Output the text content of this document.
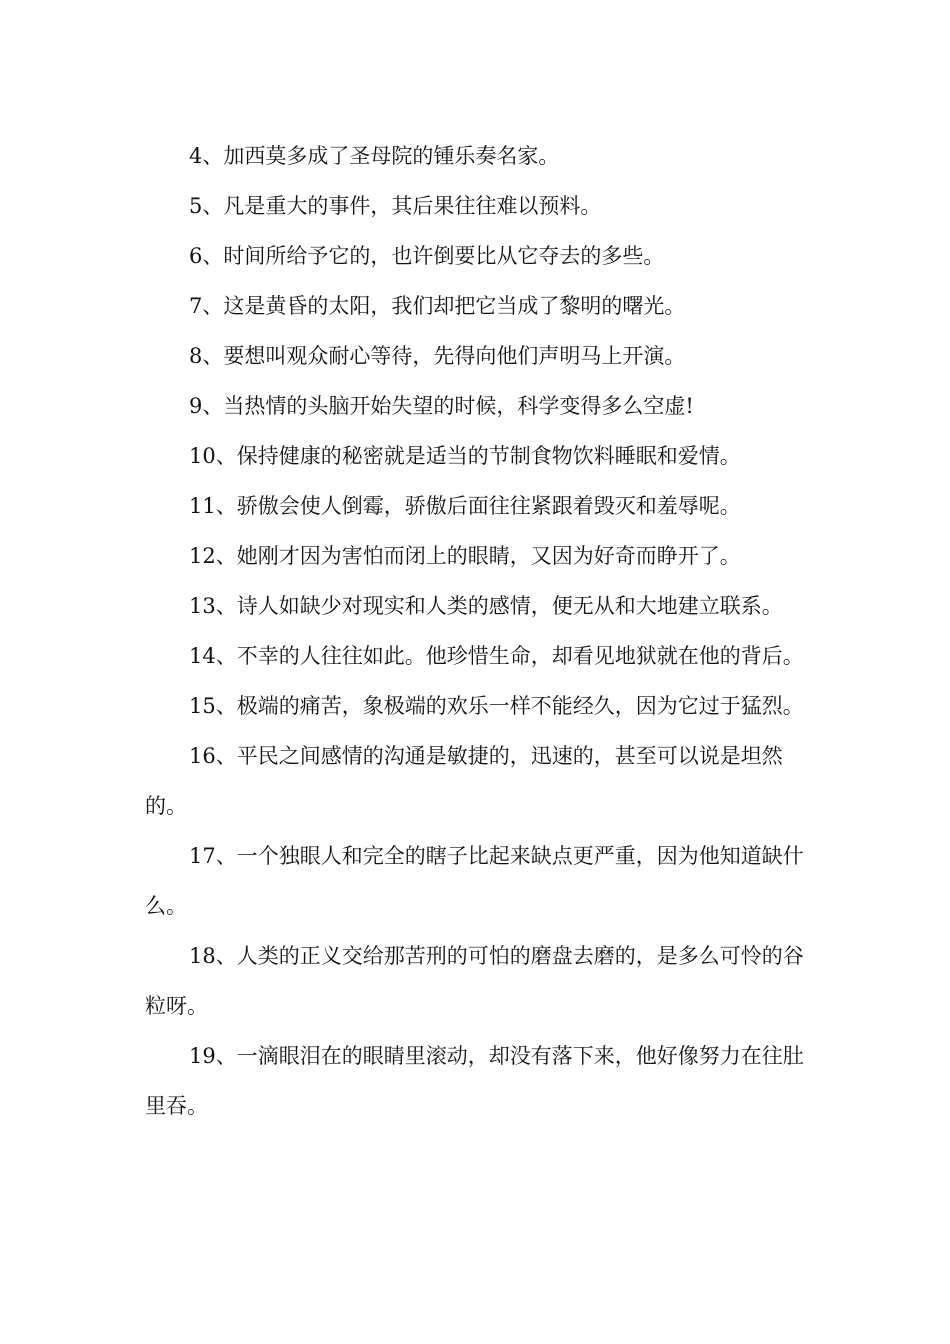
4、加西莫多成了圣母院的锺乐奏名家。

5、凡是重大的事件，其后果往往难以预料。

6、时间所给予它的，也许倒要比从它夺去的多些。

7、这是黄昏的太阳，我们却把它当成了黎明的曙光。

8、要想叫观众耐心等待，先得向他们声明马上开演。

9、当热情的头脑开始失望的时候，科学变得多么空虚!

10、保持健康的秘密就是适当的节制食物饮料睡眠和爱情。

11、骄傲会使人倒霉，骄傲后面往往紧跟着毁灭和羞辱呢。

12、她刚才因为害怕而闭上的眼睛，又因为好奇而睁开了。

13、诗人如缺少对现实和人类的感情，便无从和大地建立联系。

14、不幸的人往往如此。他珍惜生命，却看见地狱就在他的背后。

15、极端的痛苦，象极端的欢乐一样不能经久，因为它过于猛烈。

16、平民之间感情的沟通是敏捷的，迅速的，甚至可以说是坦然的。

17、一个独眼人和完全的瞎子比起来缺点更严重，因为他知道缺什么。

18、人类的正义交给那苦刑的可怕的磨盘去磨的，是多么可怜的谷粒呀。

19、一滴眼泪在的眼睛里滚动，却没有落下来，他好像努力在往肚里吞。
